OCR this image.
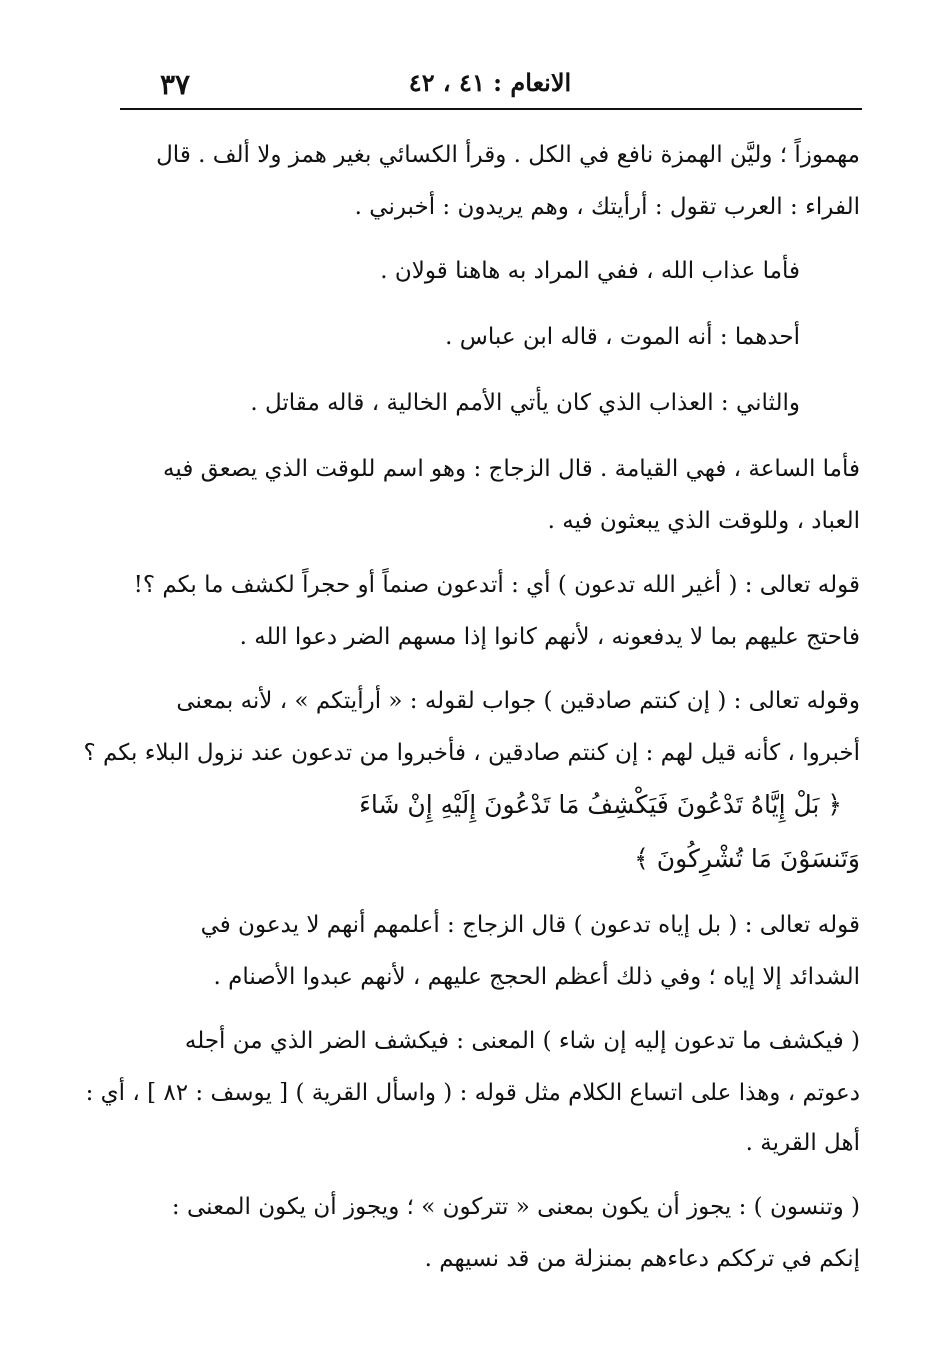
٣٧	الانعام : ٤١ ، ٤٢
مهموزاً ؛ وليَّن الهمزة نافع في الكل . وقرأ الكسائي بغير همز ولا ألف . قال
الفراء : العرب تقول : أرأيتك ، وهم يريدون : أخبرني .
فأما عذاب الله ، ففي المراد به هاهنا قولان .
أحدهما : أنه الموت ، قاله ابن عباس .
والثاني : العذاب الذي كان يأتي الأمم الخالية ، قاله مقاتل .
فأما الساعة ، فهي القيامة . قال الزجاج : وهو اسم للوقت الذي يصعق فيه
العباد ، وللوقت الذي يبعثون فيه .
قوله تعالى : ( أغير الله تدعون ) أي : أتدعون صنماً أو حجراً لكشف ما بكم ؟!
فاحتج عليهم بما لا يدفعونه ، لأنهم كانوا إذا مسهم الضر دعوا الله .
وقوله تعالى : ( إن كنتم صادقين ) جواب لقوله : « أرأيتكم » ، لأنه بمعنى
أخبروا ، كأنه قيل لهم : إن كنتم صادقين ، فأخبروا من تدعون عند نزول البلاء بكم ؟
﴿ بَلْ إِيَّاهُ تَدْعُونَ فَيَكْشِفُ مَا تَدْعُونَ إِلَيْهِ إِنْ شَاءَ
وَتَنسَوْنَ مَا تُشْرِكُونَ ﴾
قوله تعالى : ( بل إياه تدعون ) قال الزجاج : أعلمهم أنهم لا يدعون في
الشدائد إلا إياه ؛ وفي ذلك أعظم الحجج عليهم ، لأنهم عبدوا الأصنام .
( فيكشف ما تدعون إليه إن شاء ) المعنى : فيكشف الضر الذي من أجله
دعوتم ، وهذا على اتساع الكلام مثل قوله : ( واسأل القرية ) [ يوسف : ٨٢ ] ، أي :
أهل القرية .
( وتنسون ) : يجوز أن يكون بمعنى « تتركون » ؛ ويجوز أن يكون المعنى :
إنكم في ترككم دعاءهم بمنزلة من قد نسيهم .
